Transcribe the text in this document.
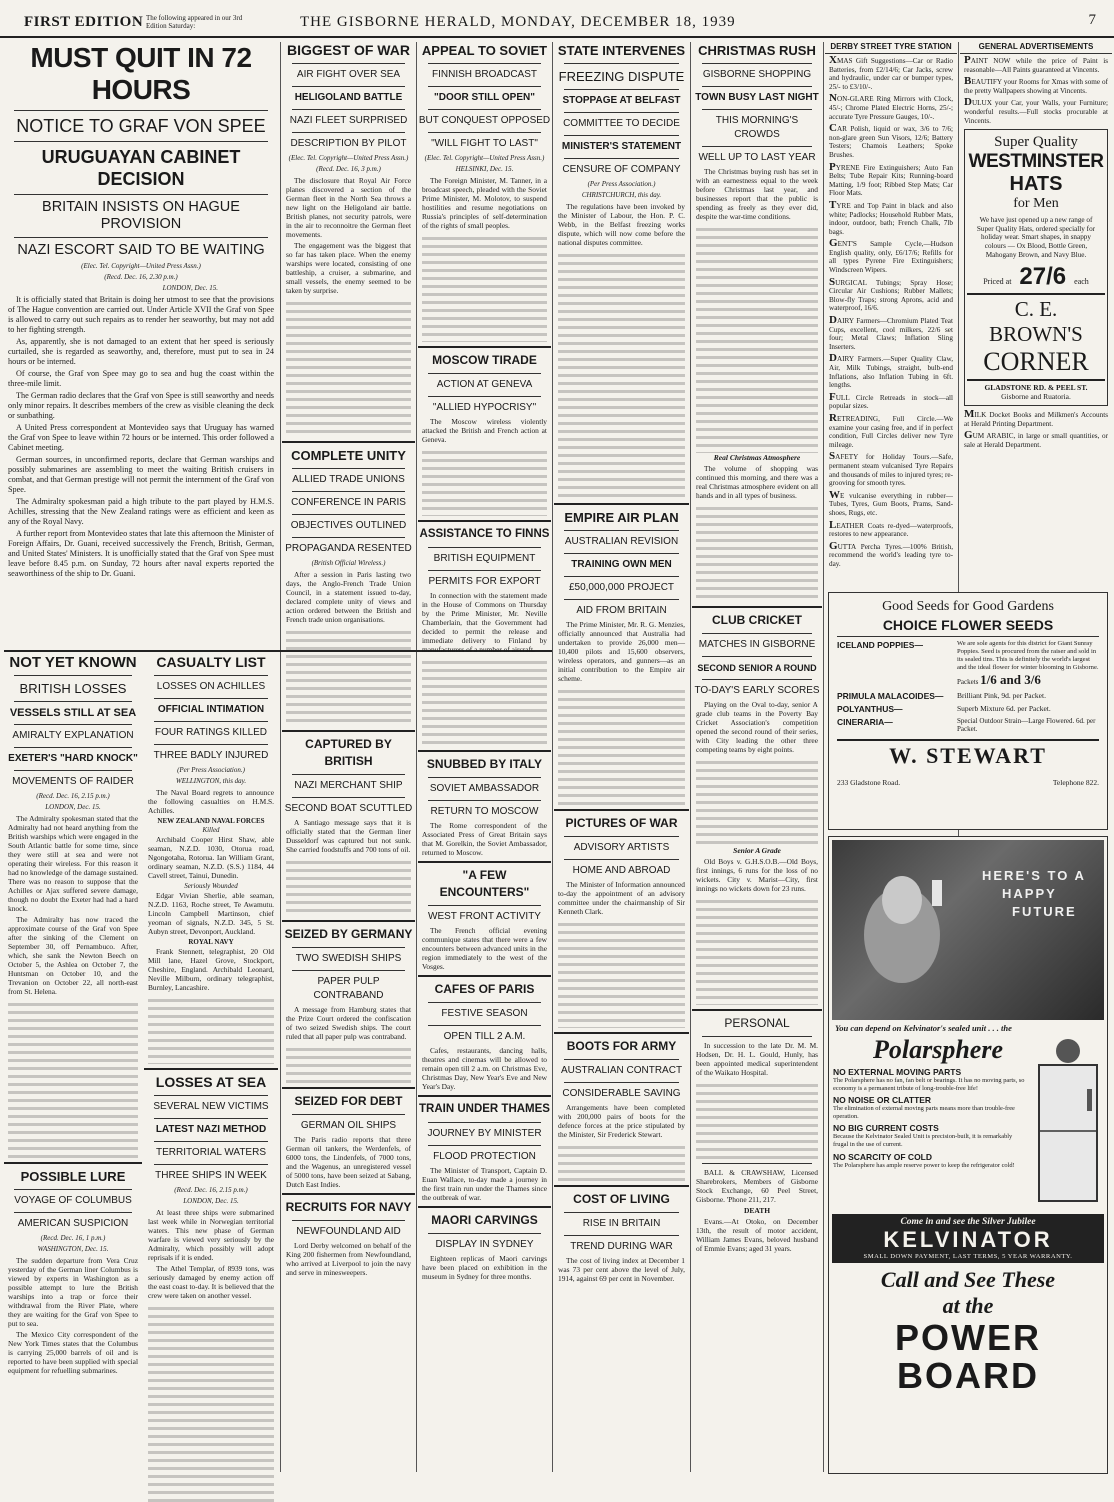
FIRST EDITION The following appeared in our 3rd Edition Saturday:	THE GISBORNE HERALD, MONDAY, DECEMBER 18, 1939	7
MUST QUIT IN 72 HOURS
NOTICE TO GRAF VON SPEE
URUGUAYAN CABINET DECISION
BRITAIN INSISTS ON HAGUE PROVISION
NAZI ESCORT SAID TO BE WAITING
(Elec. Tel. Copyright—United Press Assn.)
(Recd. Dec. 16, 2.30 p.m.)
LONDON, Dec. 15.

It is officially stated that Britain is doing her utmost to see that the provisions of The Hague convention are carried out. Under Article XVII the Graf von Spee is allowed to carry out such repairs as to render her seaworthy, but may not add to her fighting strength.

As, apparently, she is not damaged to an extent that her speed is seriously curtailed, she is regarded as seaworthy, and, therefore, must put to sea in 24 hours or be interned.

Of course, the Graf von Spee may go to sea and hug the coast within the three-mile limit.

The German radio declares that the Graf von Spee is still seaworthy and needs only minor repairs. It describes members of the crew as visible cleaning the deck or sunbathing.

A United Press correspondent at Montevideo says that Uruguay has warned the Graf von Spee to leave within 72 hours or be interned. This order followed a Cabinet meeting.

German sources, in unconfirmed reports, declare that German warships and possibly submarines are assembling to meet the waiting British cruisers in combat, and that German prestige will not permit the internment of the Graf von Spee.

The Admiralty spokesman paid a high tribute to the part played by H.M.S. Achilles, stressing that the New Zealand ratings were as efficient and keen as any of the Royal Navy.

A further report from Montevideo states that late this afternoon the Minister of Foreign Affairs, Dr. Guani, received successively the French, British, German, and United States' Ministers. It is unofficially stated that the Graf von Spee must leave before 8.45 p.m. on Sunday, 72 hours after naval experts reported the seaworthiness of the ship to Dr. Guani.

NOT YET KNOWN
BRITISH LOSSES
VESSELS STILL AT SEA
AMIRALTY EXPLANATION
EXETER'S "HARD KNOCK"
MOVEMENTS OF RAIDER
(Recd. Dec. 16, 2.15 p.m.)
LONDON, Dec. 15.

The Admiralty spokesman stated that the Admiralty had not heard anything from the British warships which were engaged in the South Atlantic battle for some time, since they were still at sea and were not operating their wireless. For this reason it had no knowledge of the damage sustained. There was no reason to suppose that the Achilles or Ajax suffered severe damage, though no doubt the Exeter had had a hard knock.

The Admiralty has now traced the approximate course of the Graf von Spee after the sinking of the Clement on September 30, off Pernambuco. After, which, she sank the Newton Beech on October 5, the Ashlea on October 7, the Huntsman on October 10, and the Trevanion on October 22, all north-east from St. Helena.

POSSIBLE LURE
VOYAGE OF COLUMBUS
AMERICAN SUSPICION
(Recd. Dec. 16, 1 p.m.)
WASHINGTON, Dec. 15.

The sudden departure from Vera Cruz yesterday of the German liner Columbus is viewed by experts in Washington as a possible attempt to lure the British warships into a trap or force their withdrawal from the River Plate, where they are waiting for the Graf von Spee to put to sea.

The Mexico City correspondent of the New York Times states that the Columbus is carrying 25,000 barrels of oil and is reported to have been supplied with special equipment for refuelling submarines.

CASUALTY LIST
LOSSES ON ACHILLES
OFFICIAL INTIMATION
FOUR RATINGS KILLED
THREE BADLY INJURED
(Per Press Association.)
WELLINGTON, this day.

The Naval Board regrets to announce the following casualties on H.M.S. Achilles.

NEW ZEALAND NAVAL FORCES
Killed

Archibald Cooper Hirst Shaw, able seaman, N.Z.D. 1030, Otorua road, Ngongotaha, Rotorua. Ian William Grant, ordinary seaman, N.Z.D. (S.S.) 1184, 44 Cavell street, Tainui, Dunedin.

Seriously Wounded

Edgar Vivian Sherlie, able seaman, N.Z.D. 1163, Roche street, Te Awamutu. Lincoln Campbell Martinson, chief yeoman of signals, N.Z.D. 345, 5 St. Aubyn street, Devonport, Auckland.

ROYAL NAVY

Frank Stennett, telegraphist, 20 Old Mill lane, Hazel Grove, Stockport, Cheshire, England. Archibald Leonard, Neville Milburn, ordinary telegraphist, Burnley, Lancashire.

LOSSES AT SEA
SEVERAL NEW VICTIMS
LATEST NAZI METHOD
TERRITORIAL WATERS
THREE SHIPS IN WEEK
(Recd. Dec. 16, 2.15 p.m.)
LONDON, Dec. 15.

At least three ships were submarined last week while in Norwegian territorial waters. This new phase of German warfare is viewed very seriously by the Admiralty, which possibly will adopt reprisals if it is ended.

The Athel Templar, of 8939 tons, was seriously damaged by enemy action off the east coast to-day. It is believed that the crew were taken on another vessel.

BIGGEST OF WAR
AIR FIGHT OVER SEA
HELIGOLAND BATTLE
NAZI FLEET SURPRISED
DESCRIPTION BY PILOT
(Elec. Tel. Copyright—United Press Assn.)
(Recd. Dec. 16, 3 p.m.)

The disclosure that Royal Air Force planes discovered a section of the German fleet in the North Sea throws a new light on the Heligoland air battle. British planes, not security patrols, were in the air to reconnoitre the German fleet movements.

The engagement was the biggest that so far has taken place. When the enemy warships were located, consisting of one battleship, a cruiser, a submarine, and small vessels, the enemy seemed to be taken by surprise.

COMPLETE UNITY
ALLIED TRADE UNIONS
CONFERENCE IN PARIS
OBJECTIVES OUTLINED
PROPAGANDA RESENTED
(British Official Wireless.)

After a session in Paris lasting two days, the Anglo-French Trade Union Council, in a statement issued to-day, declared complete unity of views and action ordered between the British and French trade union organisations.

CAPTURED BY BRITISH
NAZI MERCHANT SHIP
SECOND BOAT SCUTTLED

A Santiago message says that it is officially stated that the German liner Dusseldorf was captured but not sunk. She carried foodstuffs and 700 tons of oil.

SEIZED BY GERMANY
TWO SWEDISH SHIPS
PAPER PULP CONTRABAND

A message from Hamburg states that the Prize Court ordered the confiscation of two seized Swedish ships. The court ruled that all paper pulp was contraband.

SEIZED FOR DEBT
GERMAN OIL SHIPS

The Paris radio reports that three German oil tankers, the Werdenfels, of 6000 tons, the Lindenfels, of 7000 tons, and the Wagenus, an unregistered vessel of 5000 tons, have been seized at Sabang, Dutch East Indies.

RECRUITS FOR NAVY
NEWFOUNDLAND AID

Lord Derby welcomed on behalf of the King 200 fishermen from Newfoundland, who arrived at Liverpool to join the navy and serve in minesweepers.

APPEAL TO SOVIET
FINNISH BROADCAST
"DOOR STILL OPEN"
BUT CONQUEST OPPOSED
"WILL FIGHT TO LAST"
(Elec. Tel. Copyright—United Press Assn.)
HELSINKI, Dec. 15.

The Foreign Minister, M. Tanner, in a broadcast speech, pleaded with the Soviet Prime Minister, M. Molotov, to suspend hostilities and resume negotiations on Russia's principles of self-determination of the rights of small peoples.

MOSCOW TIRADE
ACTION AT GENEVA
"ALLIED HYPOCRISY"

The Moscow wireless violently attacked the British and French action at Geneva.

ASSISTANCE TO FINNS
BRITISH EQUIPMENT
PERMITS FOR EXPORT

In connection with the statement made in the House of Commons on Thursday by the Prime Minister, Mr. Neville Chamberlain, that the Government had decided to permit the release and immediate delivery to Finland by manufacturers of a number of aircraft.

SNUBBED BY ITALY
SOVIET AMBASSADOR
RETURN TO MOSCOW

The Rome correspondent of the Associated Press of Great Britain says that M. Gorelkin, the Soviet Ambassador, returned to Moscow.

"A FEW ENCOUNTERS"
WEST FRONT ACTIVITY

The French official evening communique states that there were a few encounters between advanced units in the region immediately to the west of the Vosges.

CAFES OF PARIS
FESTIVE SEASON
OPEN TILL 2 A.M.

Cafes, restaurants, dancing halls, theatres and cinemas will be allowed to remain open till 2 a.m. on Christmas Eve, Christmas Day, New Year's Eve and New Year's Day.

TRAIN UNDER THAMES
JOURNEY BY MINISTER
FLOOD PROTECTION

The Minister of Transport, Captain D. Euan Wallace, to-day made a journey in the first train run under the Thames since the outbreak of war.

MAORI CARVINGS
DISPLAY IN SYDNEY

Eighteen replicas of Maori carvings have been placed on exhibition in the museum in Sydney for three months.

STATE INTERVENES
FREEZING DISPUTE
STOPPAGE AT BELFAST
COMMITTEE TO DECIDE
MINISTER'S STATEMENT
CENSURE OF COMPANY
(Per Press Association.)
CHRISTCHURCH, this day.

The regulations have been invoked by the Minister of Labour, the Hon. P. C. Webb, in the Belfast freezing works dispute, which will now come before the national disputes committee.

EMPIRE AIR PLAN
AUSTRALIAN REVISION
TRAINING OWN MEN
£50,000,000 PROJECT
AID FROM BRITAIN

The Prime Minister, Mr. R. G. Menzies, officially announced that Australia had undertaken to provide 26,000 men—10,400 pilots and 15,600 observers, wireless operators, and gunners—as an initial contribution to the Empire air scheme.

PICTURES OF WAR
ADVISORY ARTISTS
HOME AND ABROAD

The Minister of Information announced to-day the appointment of an advisory committee under the chairmanship of Sir Kenneth Clark.

BOOTS FOR ARMY
AUSTRALIAN CONTRACT
CONSIDERABLE SAVING

Arrangements have been completed with 200,000 pairs of boots for the defence forces at the price stipulated by the Minister, Sir Frederick Stewart.

COST OF LIVING
RISE IN BRITAIN
TREND DURING WAR

The cost of living index at December 1 was 73 per cent above the level of July, 1914, against 69 per cent in November.

CHRISTMAS RUSH
GISBORNE SHOPPING
TOWN BUSY LAST NIGHT
THIS MORNING'S CROWDS
WELL UP TO LAST YEAR

The Christmas buying rush has set in with an earnestness equal to the week before Christmas last year, and businesses report that the public is spending as freely as they ever did, despite the war-time conditions.

Real Christmas Atmosphere

The volume of shopping was continued this morning, and there was a real Christmas atmosphere evident on all hands and in all types of business.

CLUB CRICKET
MATCHES IN GISBORNE
SECOND SENIOR A ROUND
TO-DAY'S EARLY SCORES

Playing on the Oval to-day, senior A grade club teams in the Poverty Bay Cricket Association's competition opened the second round of their series, with City leading the other three competing teams by eight points.

Senior A Grade

Old Boys v. G.H.S.O.B.—Old Boys, first innings, 6 runs for the loss of no wickets. City v. Marist—City, first innings no wickets down for 23 runs.

PERSONAL

In succession to the late Dr. M. M. Hodsen, Dr. H. L. Gould, Hunly, has been appointed medical superintendent of the Waikato Hospital.

BALL & CRAWSHAW, Licensed Sharebrokers, Members of Gisborne Stock Exchange, 60 Peel Street, Gisborne. 'Phone 211, 217.

DEATH

Evans.—At Otoko, on December 13th, the result of motor accident, William James Evans, beloved husband of Emmie Evans; aged 31 years.

DERBY STREET TYRE STATION

XMAS Gift Suggestions—Car or Radio Batteries, from £2/14/6; Car Jacks, screw and hydraulic, under car or bumper types, 25/- to £3/10/-.

NON-GLARE Ring Mirrors with Clock, 45/-; Chrome Plated Electric Horns, 25/-; accurate Tyre Pressure Gauges, 10/-.

CAR Polish, liquid or wax, 3/6 to 7/6; non-glare green Sun Visors, 12/6; Battery Testers; Chamois Leathers; Spoke Brushes.

PYRENE Fire Extinguishers; Auto Fan Belts; Tube Repair Kits; Running-board Matting, 1/9 foot; Ribbed Step Mats; Car Floor Mats.

TYRE and Top Paint in black and also white; Padlocks; Household Rubber Mats, indoor, outdoor, bath; French Chalk, 7lb bags.

GENT'S Sample Cycle,—Hudson English quality, only, £6/17/6; Refills for all types Pyrene Fire Extinguishers; Windscreen Wipers.

SURGICAL Tubings; Spray Hose; Circular Air Cushions; Rubber Mallets; Blow-fly Traps; strong Aprons, acid and waterproof, 16/6.

DAIRY Farmers—Chromium Plated Teat Cups, excellent, cool milkers, 22/6 set four; Metal Claws; Inflation Sling Inserters.

DAIRY Farmers.—Super Quality Claw, Air, Milk Tubings, straight, bulb-end Inflations, also Inflation Tubing in 6ft. lengths.

FULL Circle Retreads in stock—all popular sizes.

RETREADING, Full Circle.—We examine your casing free, and if in perfect condition, Full Circles deliver new Tyre mileage.

SAFETY for Holiday Tours.—Safe, permanent steam vulcanised Tyre Repairs and thousands of miles to injured tyres; re-grooving for smooth tyres.

WE vulcanise everything in rubber—Tubes, Tyres, Gum Boots, Prams, Sand-shoes, Rugs, etc.

LEATHER Coats re-dyed—waterproofs, restores to new appearance.

GUTTA Percha Tyres.—100% British, recommend the world's leading tyre to-day.

GENERAL ADVERTISEMENTS

PAINT NOW while the price of Paint is reasonable—All Paints guaranteed at Vincents.

BEAUTIFY your Rooms for Xmas with some of the pretty Wallpapers showing at Vincents.

DULUX your Car, your Walls, your Furniture; wonderful results.—Full stocks procurable at Vincents.

Super Quality
WESTMINSTER
HATS
for Men
We have just opened up a new range of Super Quality Hats, ordered specially for holiday wear. Smart shapes, in snappy colours — Ox Blood, Bottle Green, Mahogany Brown, and Navy Blue.
Priced at 27/6 each
C. E. BROWN'S
CORNER
GLADSTONE RD. & PEEL ST.
Gisborne and Ruatoria.

MILK Docket Books and Milkmen's Accounts at Herald Printing Department.

GUM ARABIC, in large or small quantities, or sale at Herald Department.

Good Seeds for Good Gardens
CHOICE FLOWER SEEDS
ICELAND POPPIES—	We are sole agents for this district for Giant Sunray Poppies. Seed is procured from the raiser and sold in its sealed tins. This is definitely the world's largest and the ideal flower for winter blooming in Gisborne.
Packets 1/6 and 3/6
PRIMULA MALACOIDES—	Brilliant Pink, 9d. per Packet.
POLYANTHUS—	Superb Mixture 6d. per Packet.
CINERARIA—	Special Outdoor Strain—Large Flowered. 6d. per Packet.
W. STEWART
233 Gladstone Road.	Telephone 822.
HERE'S TO A
HAPPY
FUTURE
You can depend on Kelvinator's sealed unit . . . the
Polarsphere
NO EXTERNAL MOVING PARTS
The Polarsphere has no fan, fan belt or bearings. It has no moving parts, so economy is a permanent tribute of long-trouble-free life!
NO NOISE OR CLATTER
The elimination of external moving parts means more than trouble-free operation.
NO BIG CURRENT COSTS
Because the Kelvinator Sealed Unit is precision-built, it is remarkably frugal in the use of current.
NO SCARCITY OF COLD
The Polarsphere has ample reserve power to keep the refrigerator cold!
Come in and see the Silver Jubilee
KELVINATOR
SMALL DOWN PAYMENT, LAST TERMS, 5 YEAR WARRANTY.
Call and See These
at the
POWER
BOARD
